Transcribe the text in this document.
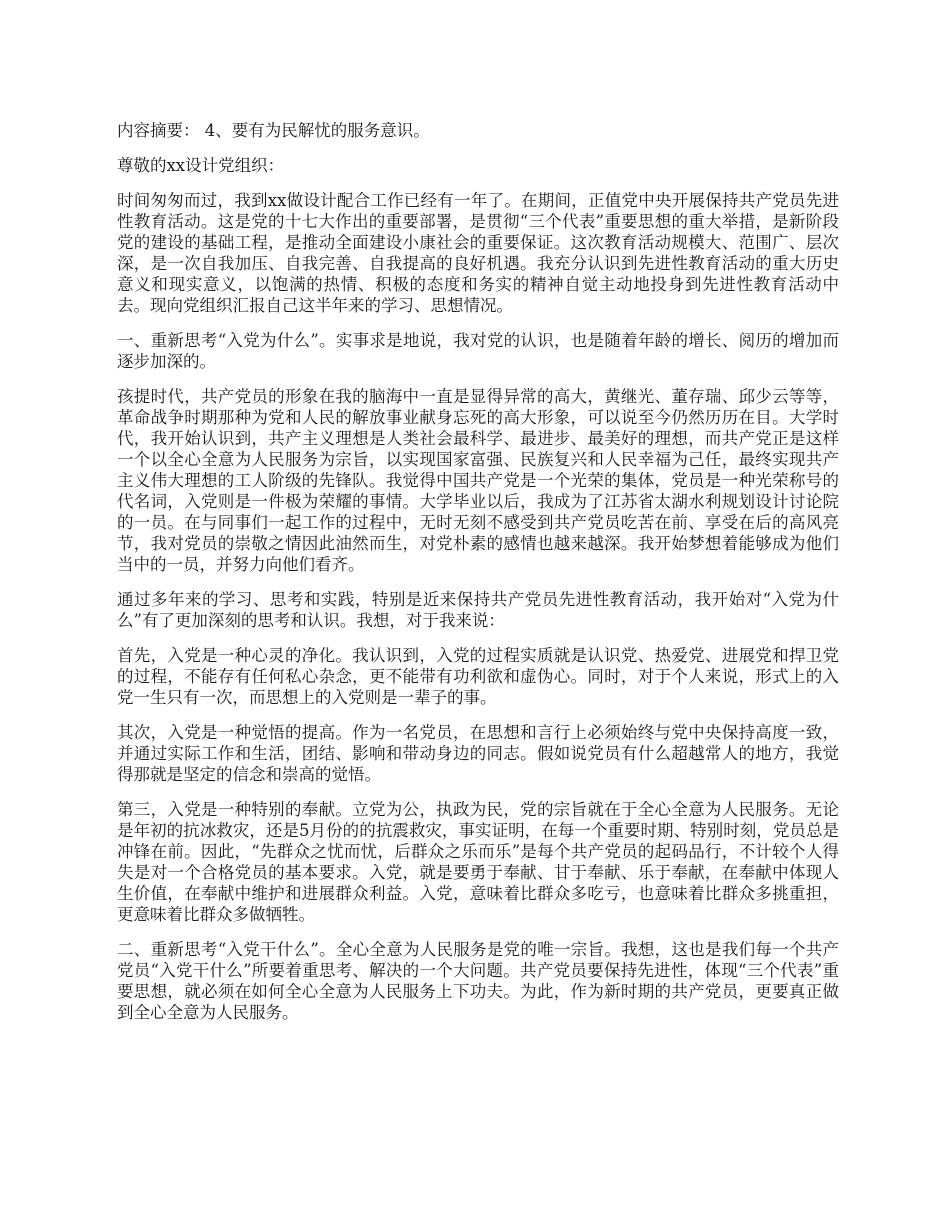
内容摘要： 4、要有为民解忧的服务意识。

尊敬的xx设计党组织：

时间匆匆而过，我到xx做设计配合工作已经有一年了。在期间，正值党中央开展保持共产党员先进性教育活动。这是党的十七大作出的重要部署，是贯彻“三个代表”重要思想的重大举措，是新阶段党的建设的基础工程，是推动全面建设小康社会的重要保证。这次教育活动规模大、范围广、层次深，是一次自我加压、自我完善、自我提高的良好机遇。我充分认识到先进性教育活动的重大历史意义和现实意义，以饱满的热情、积极的态度和务实的精神自觉主动地投身到先进性教育活动中去。现向党组织汇报自己这半年来的学习、思想情况。

一、重新思考“入党为什么”。实事求是地说，我对党的认识，也是随着年龄的增长、阅历的增加而逐步加深的。

孩提时代，共产党员的形象在我的脑海中一直是显得异常的高大，黄继光、董存瑞、邱少云等等，革命战争时期那种为党和人民的解放事业献身忘死的高大形象，可以说至今仍然历历在目。大学时代，我开始认识到，共产主义理想是人类社会最科学、最进步、最美好的理想，而共产党正是这样一个以全心全意为人民服务为宗旨，以实现国家富强、民族复兴和人民幸福为己任，最终实现共产主义伟大理想的工人阶级的先锋队。我觉得中国共产党是一个光荣的集体，党员是一种光荣称号的代名词，入党则是一件极为荣耀的事情。大学毕业以后，我成为了江苏省太湖水利规划设计讨论院的一员。在与同事们一起工作的过程中，无时无刻不感受到共产党员吃苦在前、享受在后的高风亮节，我对党员的崇敬之情因此油然而生，对党朴素的感情也越来越深。我开始梦想着能够成为他们当中的一员，并努力向他们看齐。

通过多年来的学习、思考和实践，特别是近来保持共产党员先进性教育活动，我开始对“入党为什么”有了更加深刻的思考和认识。我想，对于我来说：

首先，入党是一种心灵的净化。我认识到，入党的过程实质就是认识党、热爱党、进展党和捍卫党的过程，不能存有任何私心杂念，更不能带有功利欲和虚伪心。同时，对于个人来说，形式上的入党一生只有一次，而思想上的入党则是一辈子的事。

其次，入党是一种觉悟的提高。作为一名党员，在思想和言行上必须始终与党中央保持高度一致，并通过实际工作和生活，团结、影响和带动身边的同志。假如说党员有什么超越常人的地方，我觉得那就是坚定的信念和崇高的觉悟。

第三，入党是一种特别的奉献。立党为公，执政为民，党的宗旨就在于全心全意为人民服务。无论是年初的抗冰救灾，还是5月份的的抗震救灾，事实证明，在每一个重要时期、特别时刻，党员总是冲锋在前。因此，“先群众之忧而忧，后群众之乐而乐”是每个共产党员的起码品行，不计较个人得失是对一个合格党员的基本要求。入党，就是要勇于奉献、甘于奉献、乐于奉献，在奉献中体现人生价值，在奉献中维护和进展群众利益。入党，意味着比群众多吃亏，也意味着比群众多挑重担，更意味着比群众多做牺牲。

二、重新思考“入党干什么”。全心全意为人民服务是党的唯一宗旨。我想，这也是我们每一个共产党员“入党干什么”所要着重思考、解决的一个大问题。共产党员要保持先进性，体现“三个代表”重要思想，就必须在如何全心全意为人民服务上下功夫。为此，作为新时期的共产党员，更要真正做到全心全意为人民服务。
